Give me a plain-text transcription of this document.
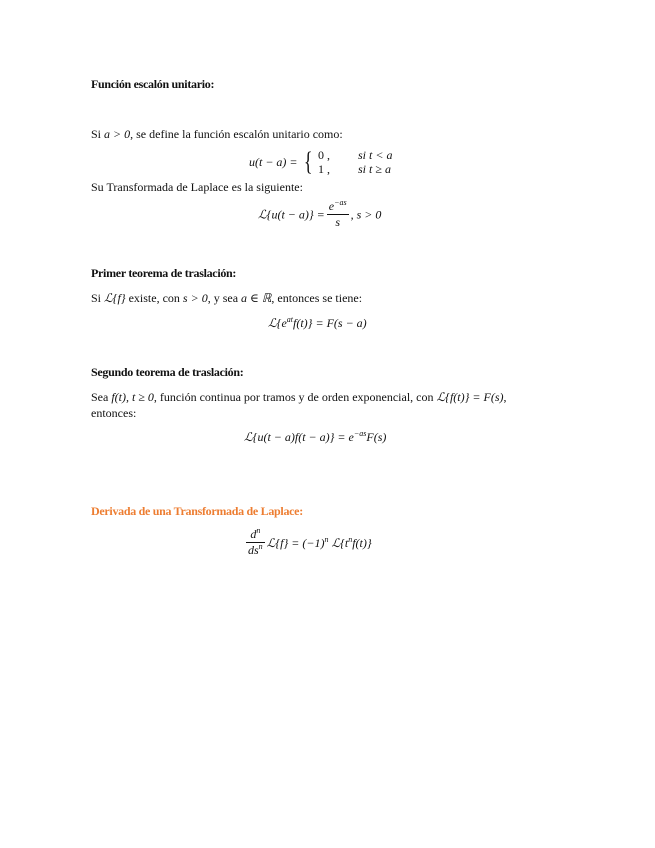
Función escalón unitario:
Si a > 0, se define la función escalón unitario como:
u(t − a) = { 0 , si t < a
1 , si t ≥ a
Su Transformada de Laplace es la siguiente:
ℒ{u(t − $a)\} = \frac{e^{-as}}{s}$ , s > 0
Primer teorema de traslación:
Si ℒ{f} existe, con s > 0, y sea a ∈ ℝ, entonces se tiene:
$ℒ\{e^{at}f(t)\} = F(s - a)$
Segundo teorema de traslación:
Sea f(t), t ≥ 0, función continua por tramos y de orden exponencial, con ℒ{f(t)} = F(s),
entonces:
ℒ{u(t − $a)f(t - a)\} = e^{-as}F(s)$
Derivada de una Transformada de Laplace:
$\frac{d^n}{ds^n}$ ℒ{f} = $(-1)^n$ $ℒ\{t^nf(t)\}$
